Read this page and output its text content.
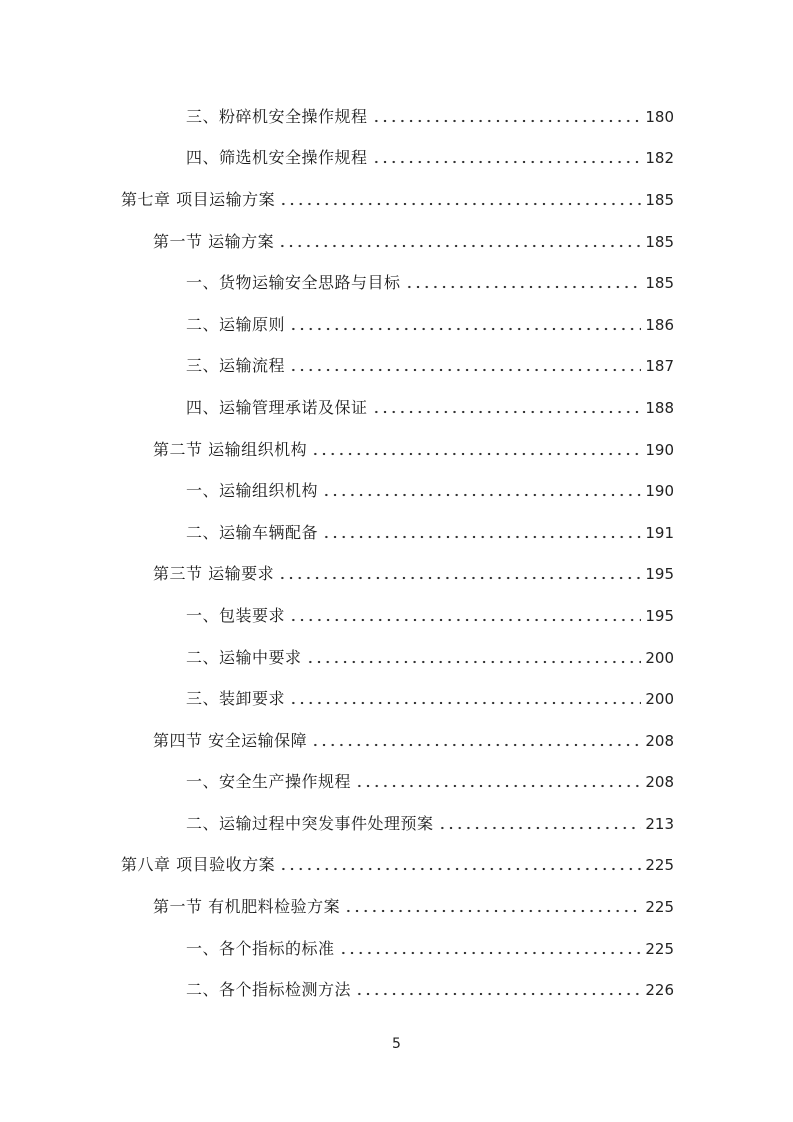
三、粉碎机安全操作规程	180
四、筛选机安全操作规程	182
第七章 项目运输方案	185
第一节 运输方案	185
一、货物运输安全思路与目标	185
二、运输原则	186
三、运输流程	187
四、运输管理承诺及保证	188
第二节 运输组织机构	190
一、运输组织机构	190
二、运输车辆配备	191
第三节 运输要求	195
一、包装要求	195
二、运输中要求	200
三、装卸要求	200
第四节 安全运输保障	208
一、安全生产操作规程	208
二、运输过程中突发事件处理预案	213
第八章 项目验收方案	225
第一节 有机肥料检验方案	225
一、各个指标的标准	225
二、各个指标检测方法	226
5
